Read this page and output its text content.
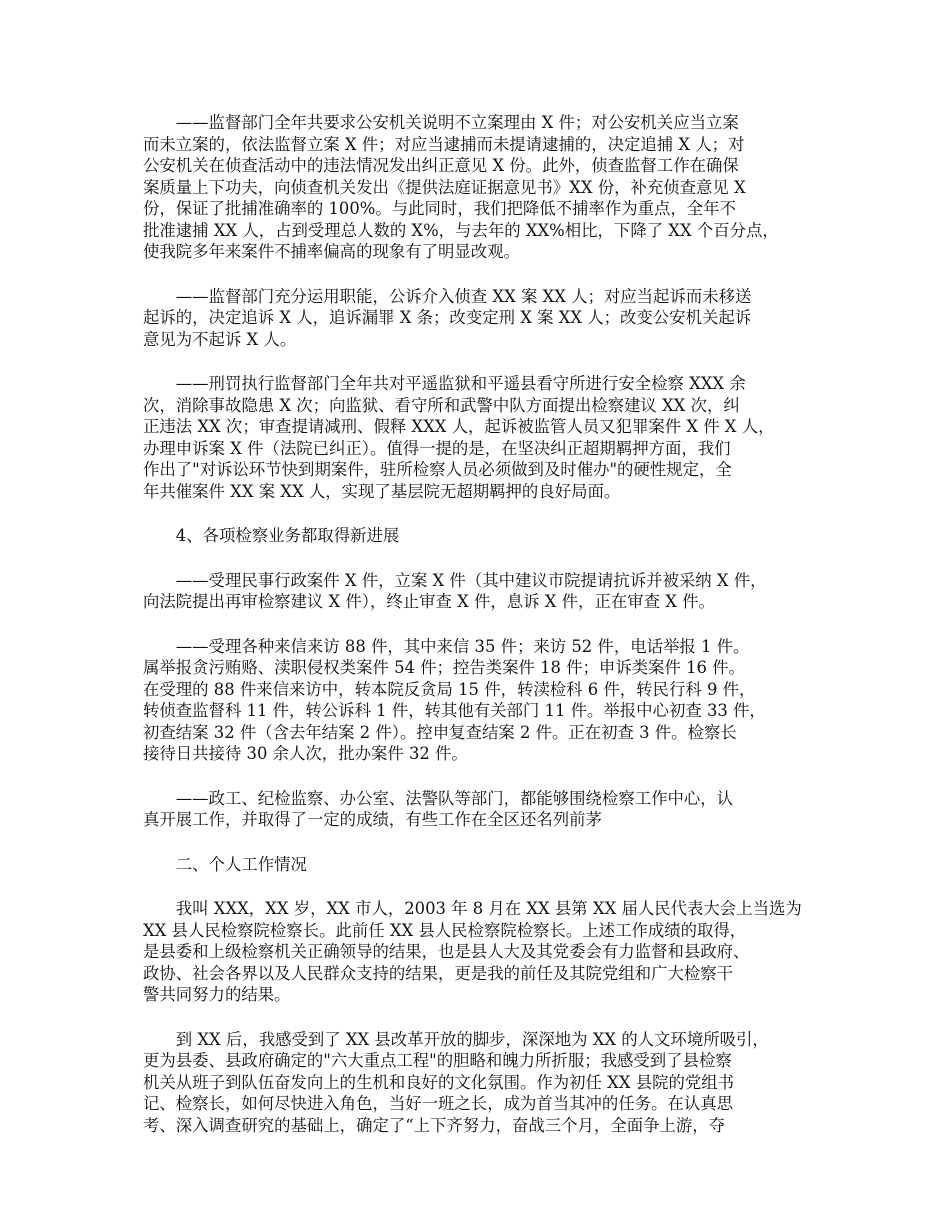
　　——监督部门全年共要求公安机关说明不立案理由 X 件；对公安机关应当立案
而未立案的，依法监督立案 X 件；对应当逮捕而未提请逮捕的，决定追捕 X 人；对
公安机关在侦查活动中的违法情况发出纠正意见 X 份。此外，侦查监督工作在确保
案质量上下功夫，向侦查机关发出《提供法庭证据意见书》XX 份，补充侦查意见 X
份，保证了批捕准确率的 100%。与此同时，我们把降低不捕率作为重点，全年不
批准逮捕 XX 人，占到受理总人数的 X%，与去年的 XX%相比，下降了 XX 个百分点，
使我院多年来案件不捕率偏高的现象有了明显改观。
　　——监督部门充分运用职能，公诉介入侦查 XX 案 XX 人；对应当起诉而未移送
起诉的，决定追诉 X 人，追诉漏罪 X 条；改变定刑 X 案 XX 人；改变公安机关起诉
意见为不起诉 X 人。
　　——刑罚执行监督部门全年共对平遥监狱和平遥县看守所进行安全检察 XXX 余
次，消除事故隐患 X 次；向监狱、看守所和武警中队方面提出检察建议 XX 次，纠
正违法 XX 次；审查提请减刑、假释 XXX 人，起诉被监管人员又犯罪案件 X 件 X 人，
办理申诉案 X 件（法院已纠正）。值得一提的是，在坚决纠正超期羁押方面，我们
作出了"对诉讼环节快到期案件，驻所检察人员必须做到及时催办"的硬性规定，全
年共催案件 XX 案 XX 人，实现了基层院无超期羁押的良好局面。
　　4、各项检察业务都取得新进展
　　——受理民事行政案件 X 件，立案 X 件（其中建议市院提请抗诉并被采纳 X 件，
向法院提出再审检察建议 X 件），终止审查 X 件，息诉 X 件，正在审查 X 件。
　　——受理各种来信来访 88 件，其中来信 35 件；来访 52 件，电话举报 1 件。
属举报贪污贿赂、渎职侵权类案件 54 件；控告类案件 18 件；申诉类案件 16 件。
在受理的 88 件来信来访中，转本院反贪局 15 件，转渎检科 6 件，转民行科 9 件，
转侦查监督科 11 件，转公诉科 1 件，转其他有关部门 11 件。举报中心初查 33 件，
初查结案 32 件（含去年结案 2 件）。控申复查结案 2 件。正在初查 3 件。检察长
接待日共接待 30 余人次，批办案件 32 件。
　　——政工、纪检监察、办公室、法警队等部门，都能够围绕检察工作中心，认
真开展工作，并取得了一定的成绩，有些工作在全区还名列前茅
　　二、个人工作情况
　　我叫 XXX，XX 岁，XX 市人，2003 年 8 月在 XX 县第 XX 届人民代表大会上当选为
XX 县人民检察院检察长。此前任 XX 县人民检察院检察长。上述工作成绩的取得，
是县委和上级检察机关正确领导的结果，也是县人大及其党委会有力监督和县政府、
政协、社会各界以及人民群众支持的结果，更是我的前任及其院党组和广大检察干
警共同努力的结果。
　　到 XX 后，我感受到了 XX 县改革开放的脚步，深深地为 XX 的人文环境所吸引，
更为县委、县政府确定的"六大重点工程"的胆略和魄力所折服；我感受到了县检察
机关从班子到队伍奋发向上的生机和良好的文化氛围。作为初任 XX 县院的党组书
记、检察长，如何尽快进入角色，当好一班之长，成为首当其冲的任务。在认真思
考、深入调查研究的基础上，确定了“上下齐努力，奋战三个月，全面争上游，夺
